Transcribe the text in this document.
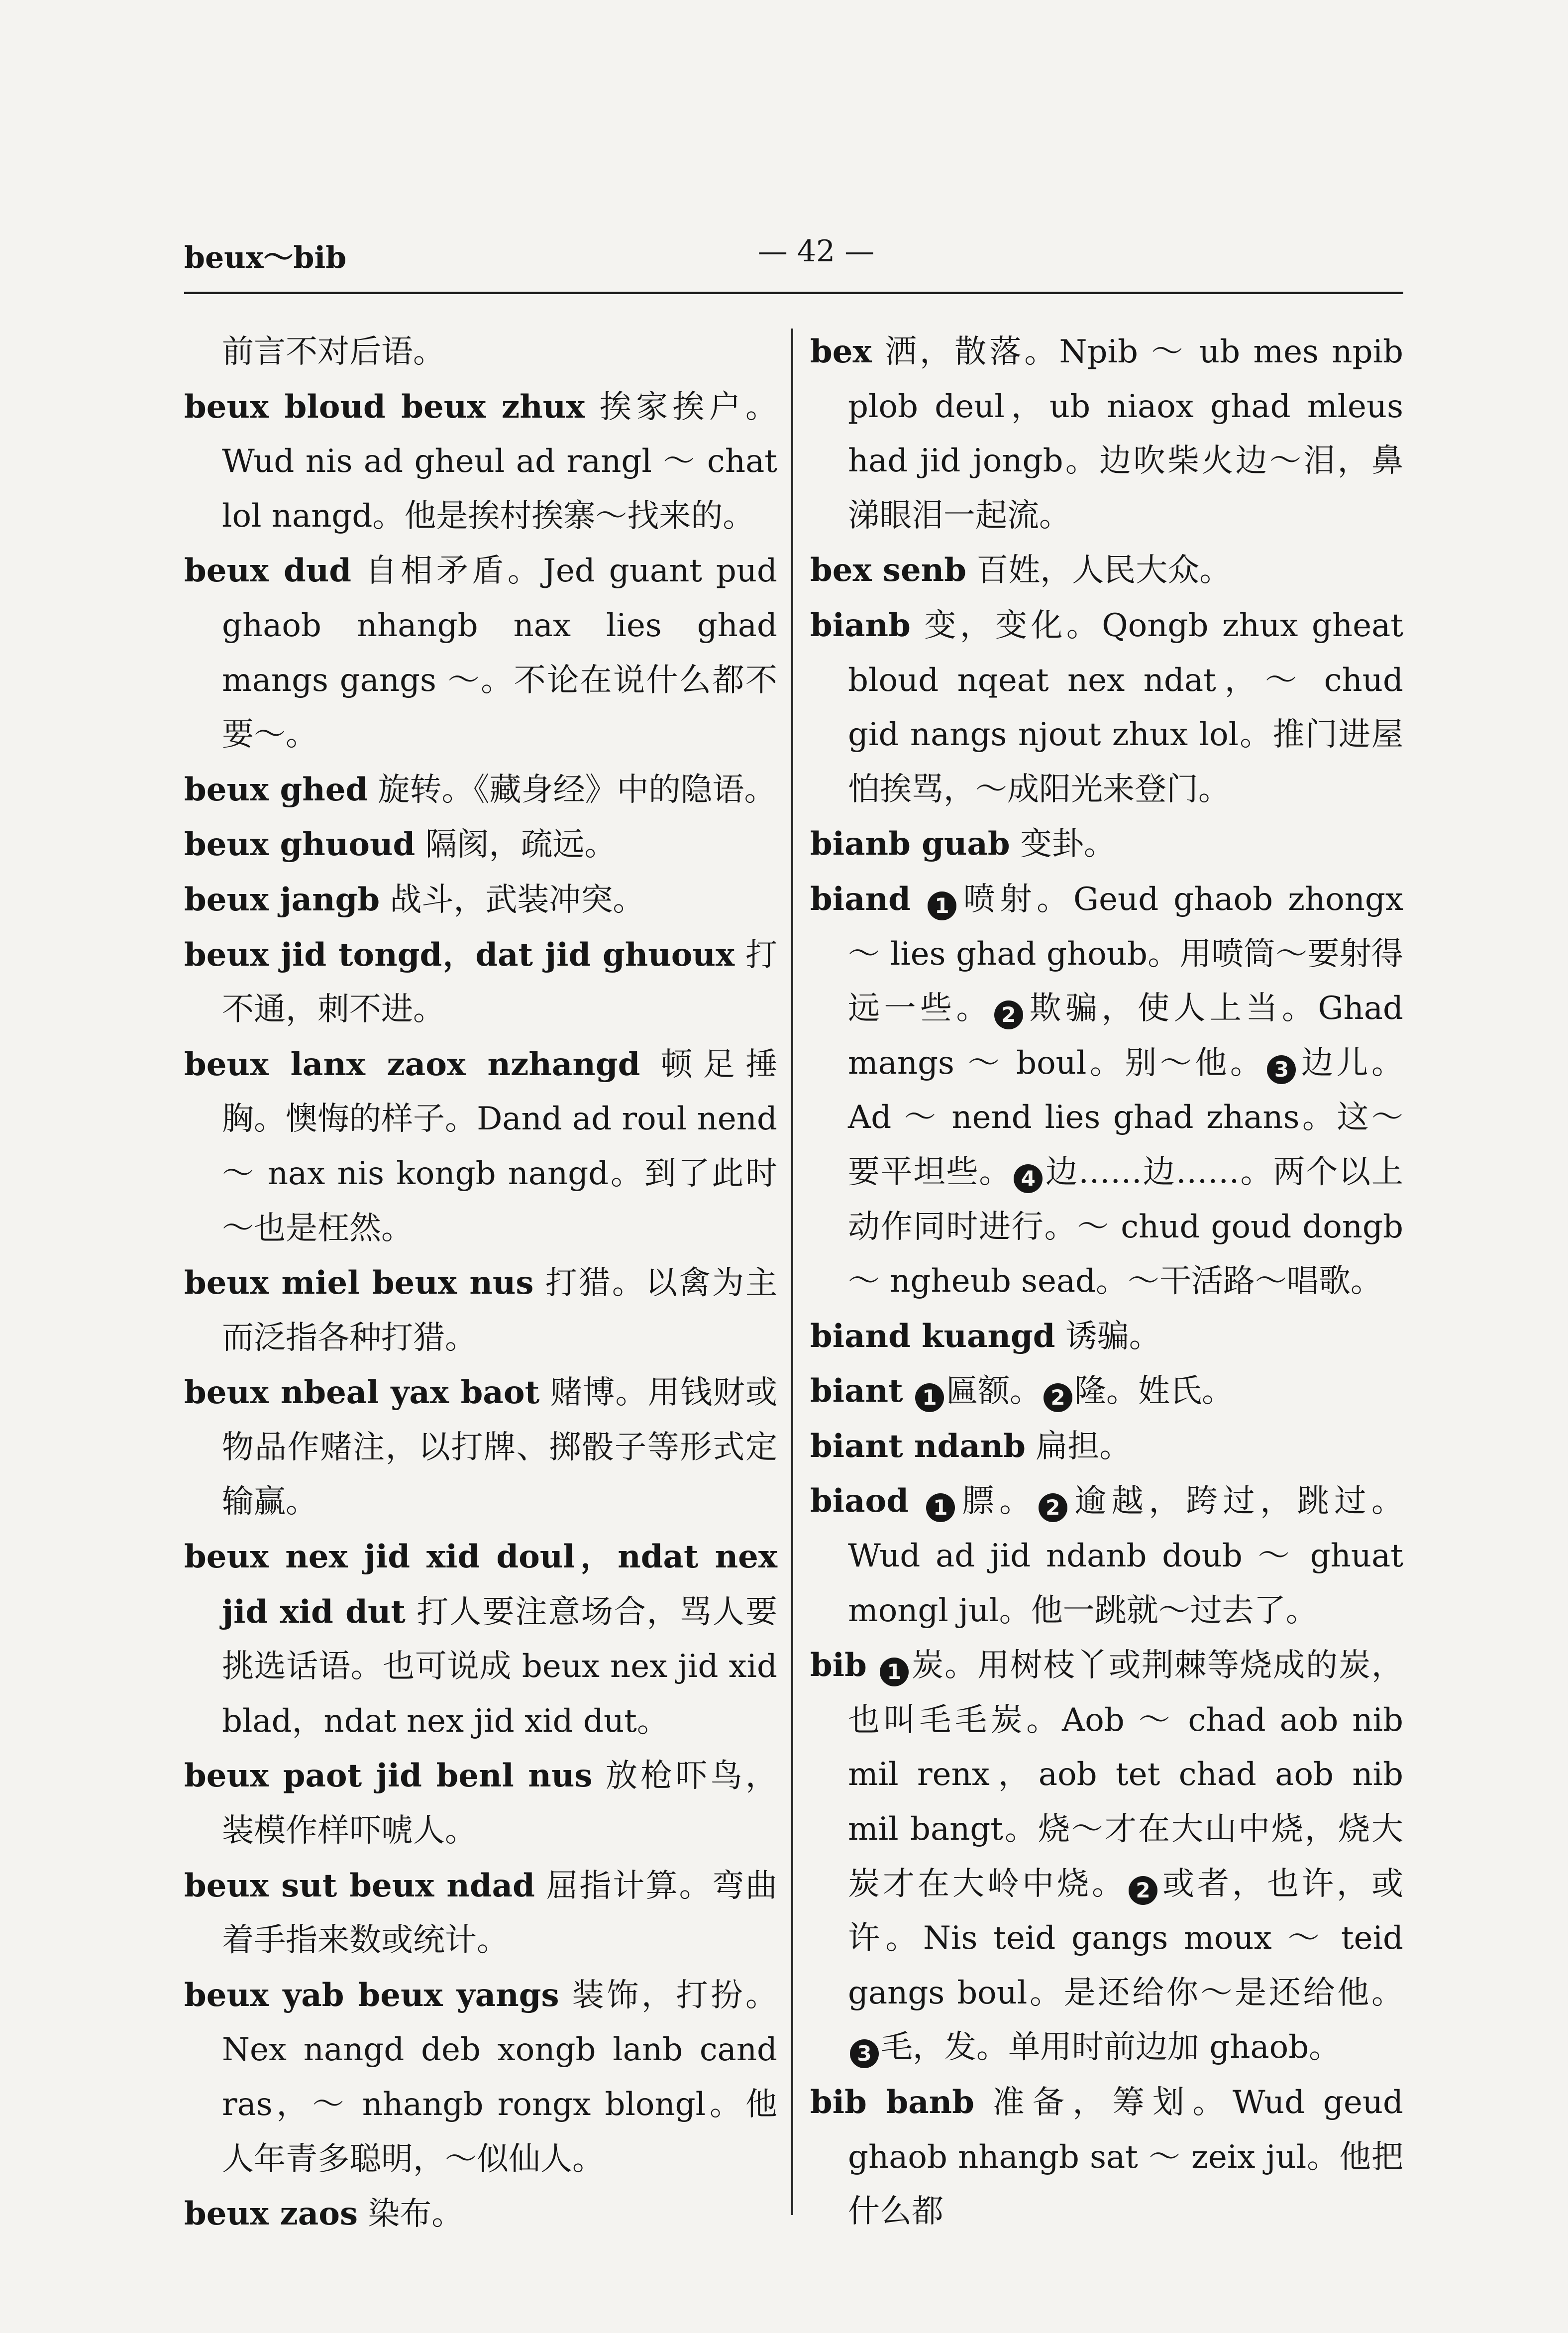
beux～bib	— 42 —

前言不对后语。

beux bloud beux zhux 挨家挨户。Wud nis ad gheul ad rangl ～ chat lol nangd。他是挨村挨寨～找来的。

beux dud 自相矛盾。Jed guant pud ghaob nhangb nax lies ghad mangs gangs ～。不论在说什么都不要～。

beux ghed 旋转。《藏身经》中的隐语。

beux ghuoud 隔阂，疏远。

beux jangb 战斗，武装冲突。

beux jid tongd，dat jid ghuoux 打不通，刺不进。

beux lanx zaox nzhangd 顿足捶胸。懊悔的样子。Dand ad roul nend ～ nax nis kongb nangd。到了此时～也是枉然。

beux miel beux nus 打猎。以禽为主而泛指各种打猎。

beux nbeal yax baot 赌博。用钱财或物品作赌注，以打牌、掷骰子等形式定输赢。

beux nex jid xid doul，ndat nex jid xid dut 打人要注意场合，骂人要挑选话语。也可说成 beux nex jid xid blad，ndat nex jid xid dut。

beux paot jid benl nus 放枪吓鸟，装模作样吓唬人。

beux sut beux ndad 屈指计算。弯曲着手指来数或统计。

beux yab beux yangs 装饰，打扮。Nex nangd deb xongb lanb cand ras，～ nhangb rongx blongl。他人年青多聪明，～似仙人。

beux zaos 染布。

bex 洒，散落。Npib ～ ub mes npib plob deul，ub niaox ghad mleus had jid jongb。边吹柴火边～泪，鼻涕眼泪一起流。

bex senb 百姓，人民大众。

bianb 变，变化。Qongb zhux gheat bloud nqeat nex ndat，～ chud gid nangs njout zhux lol。推门进屋怕挨骂，～成阳光来登门。

bianb guab 变卦。

biand 1 喷射。Geud ghaob zhongx ～ lies ghad ghoub。用喷筒～要射得远一些。 2 欺骗，使人上当。Ghad mangs ～ boul。别～他。 3 边儿。Ad ～ nend lies ghad zhans。这～要平坦些。 4 边……边……。两个以上动作同时进行。～ chud goud dongb ～ ngheub sead。～干活路～唱歌。

biand kuangd 诱骗。

biant 1 匾额。 2 隆。姓氏。

biant ndanb 扁担。

biaod 1 膘。 2 逾越，跨过，跳过。Wud ad jid ndanb doub ～ ghuat mongl jul。他一跳就～过去了。

bib 1 炭。用树枝丫或荆棘等烧成的炭，也叫毛毛炭。Aob ～ chad aob nib mil renx，aob tet chad aob nib mil bangt。烧～才在大山中烧，烧大炭才在大岭中烧。 2 或者，也许，或许。Nis teid gangs moux ～ teid gangs boul。是还给你～是还给他。3 毛，发。单用时前边加 ghaob。

bib banb 准备，筹划。Wud geud ghaob nhangb sat ～ zeix jul。他把什么都
